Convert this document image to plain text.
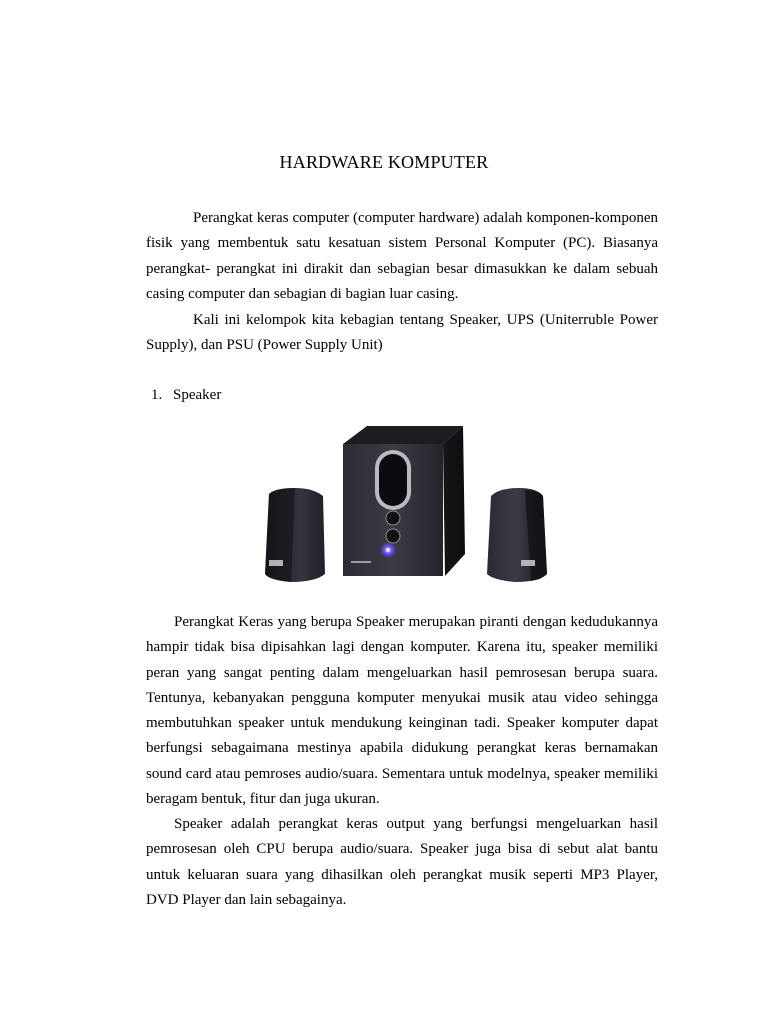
HARDWARE KOMPUTER

Perangkat keras computer (computer hardware) adalah komponen-komponen fisik yang membentuk satu kesatuan sistem Personal Komputer (PC). Biasanya perangkat- perangkat ini dirakit dan sebagian besar dimasukkan ke dalam sebuah casing computer dan sebagian di bagian luar casing.

Kali ini kelompok kita kebagian tentang Speaker, UPS (Uniterruble Power Supply), dan PSU (Power Supply Unit)

1. Speaker

Perangkat Keras yang berupa Speaker merupakan piranti dengan kedudukannya hampir tidak bisa dipisahkan lagi dengan komputer. Karena itu, speaker memiliki peran yang sangat penting dalam mengeluarkan hasil pemrosesan berupa suara. Tentunya, kebanyakan pengguna komputer menyukai musik atau video sehingga membutuhkan speaker untuk mendukung keinginan tadi. Speaker komputer dapat berfungsi sebagaimana mestinya apabila didukung perangkat keras bernamakan sound card atau pemroses audio/suara. Sementara untuk modelnya, speaker memiliki beragam bentuk, fitur dan juga ukuran.

Speaker adalah perangkat keras output yang berfungsi mengeluarkan hasil pemrosesan oleh CPU berupa audio/suara. Speaker juga bisa di sebut alat bantu untuk keluaran suara yang dihasilkan oleh perangkat musik seperti MP3 Player, DVD Player dan lain sebagainya.
